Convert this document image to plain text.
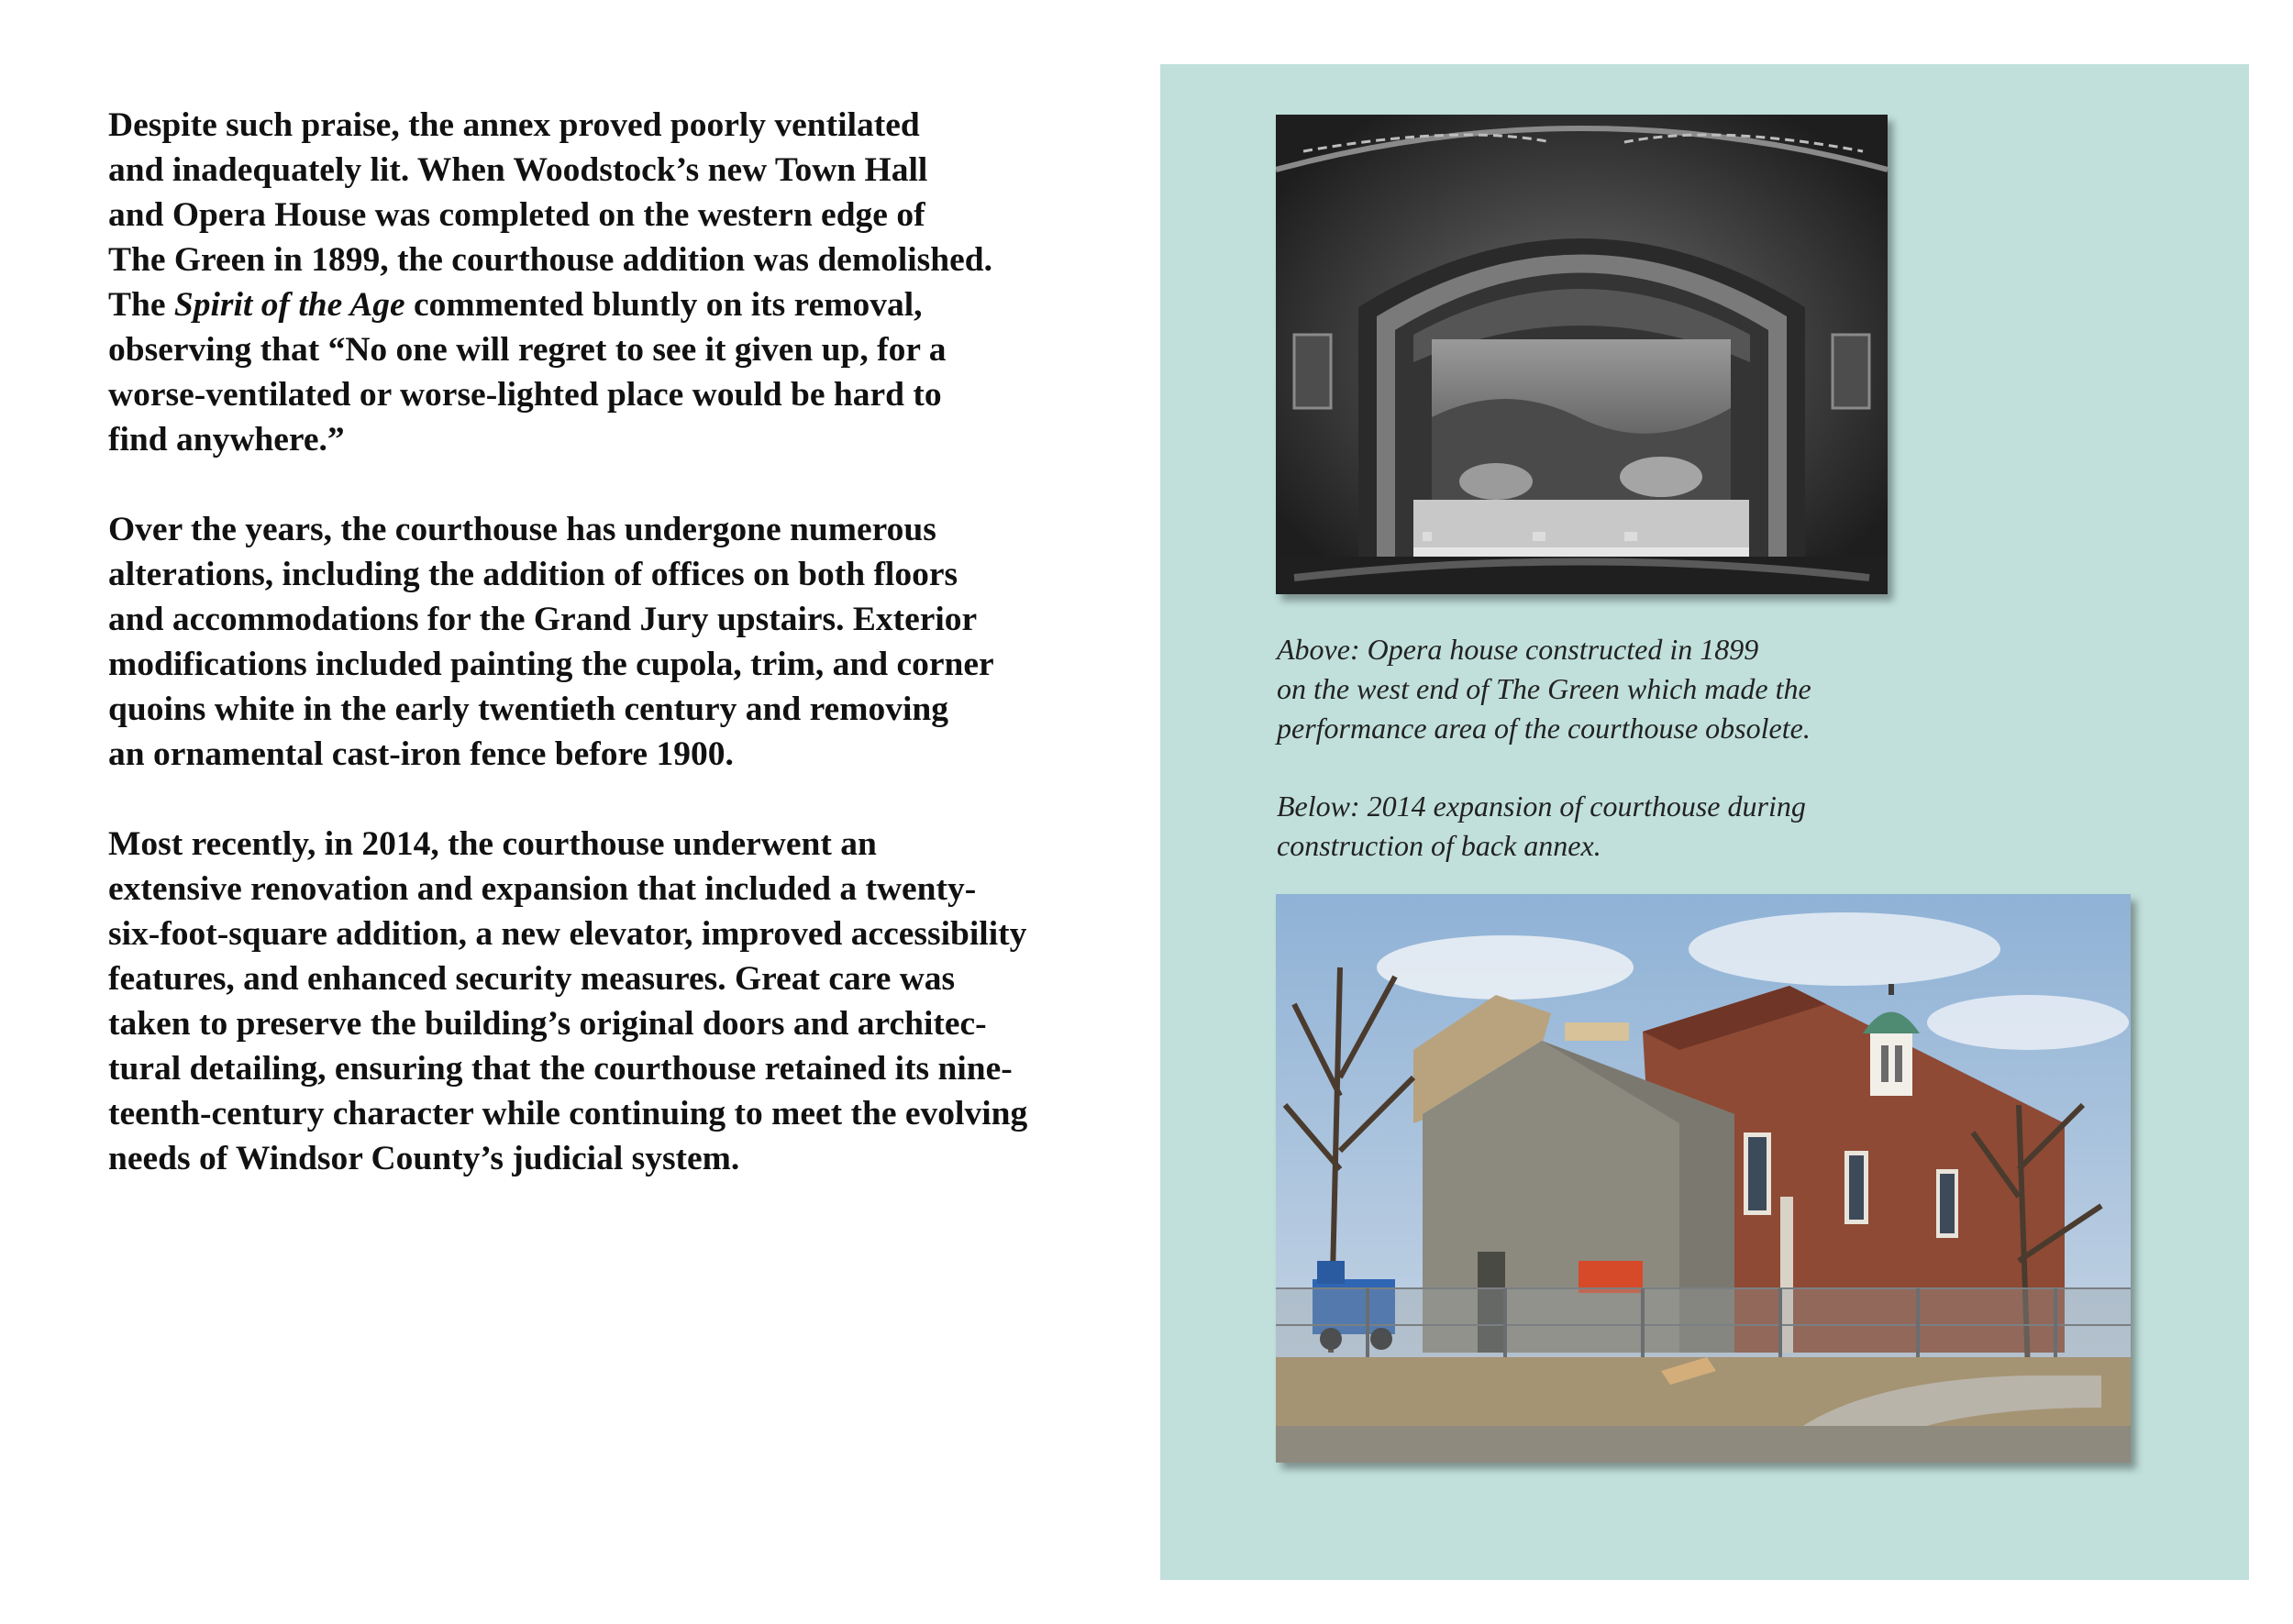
Despite such praise, the annex proved poorly ventilated
and inadequately lit. When Woodstock’s new Town Hall
and Opera House was completed on the western edge of
The Green in 1899, the courthouse addition was demolished.
The Spirit of the Age commented bluntly on its removal,
observing that “No one will regret to see it given up, for a
worse-ventilated or worse-lighted place would be hard to
find anywhere.”

Over the years, the courthouse has undergone numerous
alterations, including the addition of offices on both floors
and accommodations for the Grand Jury upstairs. Exterior
modifications included painting the cupola, trim, and corner
quoins white in the early twentieth century and removing
an ornamental cast-iron fence before 1900.

Most recently, in 2014, the courthouse underwent an
extensive renovation and expansion that included a twenty-
six-foot-square addition, a new elevator, improved accessibility
features, and enhanced security measures. Great care was
taken to preserve the building’s original doors and architec-
tural detailing, ensuring that the courthouse retained its nine-
teenth-century character while continuing to meet the evolving
needs of Windsor County’s judicial system.

Above: Opera house constructed in 1899
on the west end of The Green which made the
performance area of the courthouse obsolete.
Below: 2014 expansion of courthouse during
construction of back annex.
